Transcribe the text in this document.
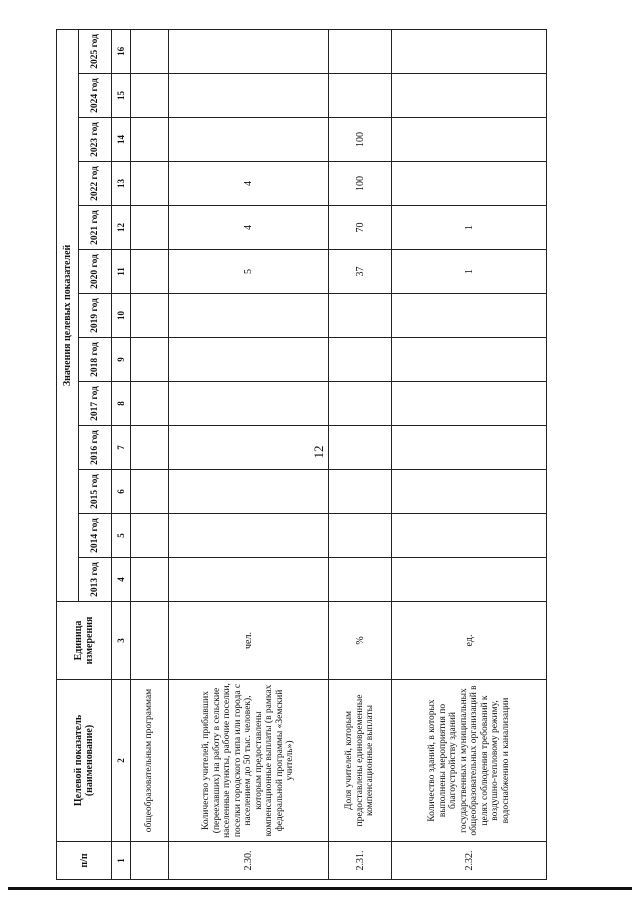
12
п/п	Целевой показатель (наименование)	Единица измерения	Значения целевых показателей												
			2013 год	2014 год	2015 год	2016 год	2017 год	2018 год	2019 год	2020 год	2021 год	2022 год	2023 год	2024 год	2025 год
1	2	3	4	5	6	7	8	9	10	11	12	13	14	15	16
	общеобразовательным программам														
2.30.	Количество учителей, прибывших (переехавших) на работу в сельские населенные пункты, рабочие поселки, поселки городского типа или города с населением до 50 тыс. человек), которым предоставлены компенсационные выплаты (в рамках федеральной программы «Земский учитель»)	чел.								5	4	4			
2.31.	Доля учителей, которым предоставлены единовременные компенсационные выплаты	%								37	70	100	100		
2.32.	Количество зданий, в которых выполнены мероприятия по благоустройству зданий государственных и муниципальных общеобразовательных организаций в целях соблюдения требований к воздушно-тепловому режиму, водоснабжению и канализации	ед.								1	1				
